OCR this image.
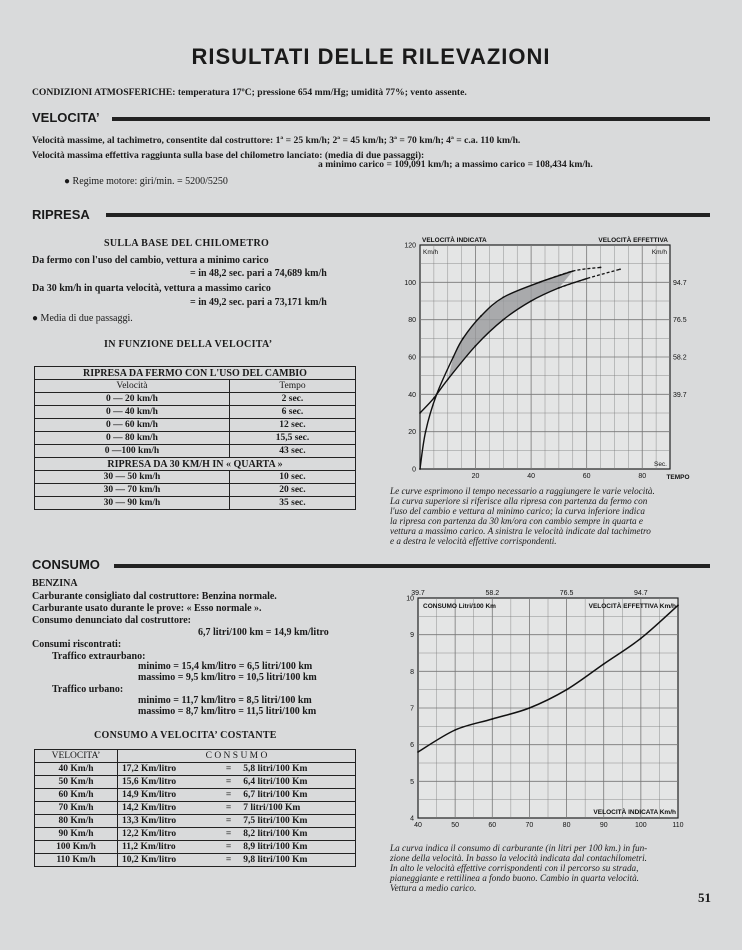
RISULTATI DELLE RILEVAZIONI
CONDIZIONI ATMOSFERICHE: temperatura 17ºC; pressione 654 mm/Hg; umidità 77%; vento assente.
VELOCITA’
Velocità massime, al tachimetro, consentite dal costruttore: 1ª = 25 km/h; 2ª = 45 km/h; 3ª = 70 km/h; 4ª = c.a. 110 km/h.
Velocità massima effettiva raggiunta sulla base del chilometro lanciato: (media di due passaggi):
a minimo carico = 109,091 km/h; a massimo carico = 108,434 km/h.
● Regime motore: giri/min. = 5200/5250
RIPRESA
SULLA BASE DEL CHILOMETRO
Da fermo con l'uso del cambio, vettura a minimo carico
= in 48,2 sec. pari a 74,689 km/h
Da 30 km/h in quarta velocità, vettura a massimo carico
= in 49,2 sec. pari a 73,171 km/h
● Media di due passaggi.
IN FUNZIONE DELLA VELOCITA’
RIPRESA DA FERMO CON L'USO DEL CAMBIO	
Velocità	Tempo
0 — 20 km/h	2 sec.
0 — 40 km/h	6 sec.
0 — 60 km/h	12 sec.
0 — 80 km/h	15,5 sec.
0 —100 km/h	43 sec.
RIPRESA DA 30 KM/H IN « QUARTA »	
30 — 50 km/h	10 sec.
30 — 70 km/h	20 sec.
30 — 90 km/h	35 sec.
0
20
40
60
80
100
120
20	40	60	80
39.7
58.2
76.5
94.7
VELOCITÀ INDICATA
Km/h
VELOCITÀ EFFETTIVA
Km/h
Sec.
TEMPO
Le curve esprimono il tempo necessario a raggiungere le varie velocità.
La curva superiore si riferisce alla ripresa con partenza da fermo con
l'uso del cambio e vettura al minimo carico; la curva inferiore indica
la ripresa con partenza da 30 km/ora con cambio sempre in quarta e
vettura a massimo carico. A sinistra le velocità indicate dal tachimetro
e a destra le velocità effettive corrispondenti.
CONSUMO
BENZINA
Carburante consigliato dal costruttore: Benzina normale.
Carburante usato durante le prove: « Esso normale ».
Consumo denunciato dal costruttore:
6,7 litri/100 km = 14,9 km/litro
Consumi riscontrati:
Traffico extraurbano:
minimo = 15,4 km/litro = 6,5 litri/100 km
massimo = 9,5 km/litro = 10,5 litri/100 km
Traffico urbano:
minimo = 11,7 km/litro = 8,5 litri/100 km
massimo = 8,7 km/litro = 11,5 litri/100 km
CONSUMO A VELOCITA’ COSTANTE
VELOCITA’	C O N S U M O		
40 Km/h	17,2 Km/litro	=	5,8 litri/100 Km
50 Km/h	15,6 Km/litro	=	6,4 litri/100 Km
60 Km/h	14,9 Km/litro	=	6,7 litri/100 Km
70 Km/h	14,2 Km/litro	=	7 litri/100 Km
80 Km/h	13,3 Km/litro	=	7,5 litri/100 Km
90 Km/h	12,2 Km/litro	=	8,2 litri/100 Km
100 Km/h	11,2 Km/litro	=	8,9 litri/100 Km
110 Km/h	10,2 Km/litro	=	9,8 litri/100 Km
4
5
6
7
8
9
10
40	50	60	70	80	90	100	110
39.7	58.2	76.5	94.7
CONSUMO Litri/100 Km	VELOCITÀ EFFETTIVA Km/h
VELOCITÀ INDICATA Km/h
La curva indica il consumo di carburante (in litri per 100 km.) in fun-
zione della velocità. In basso la velocità indicata dal contachilometri.
In alto le velocità effettive corrispondenti con il percorso su strada,
pianeggiante e rettilinea a fondo buono. Cambio in quarta velocità.
Vettura a medio carico.
51
